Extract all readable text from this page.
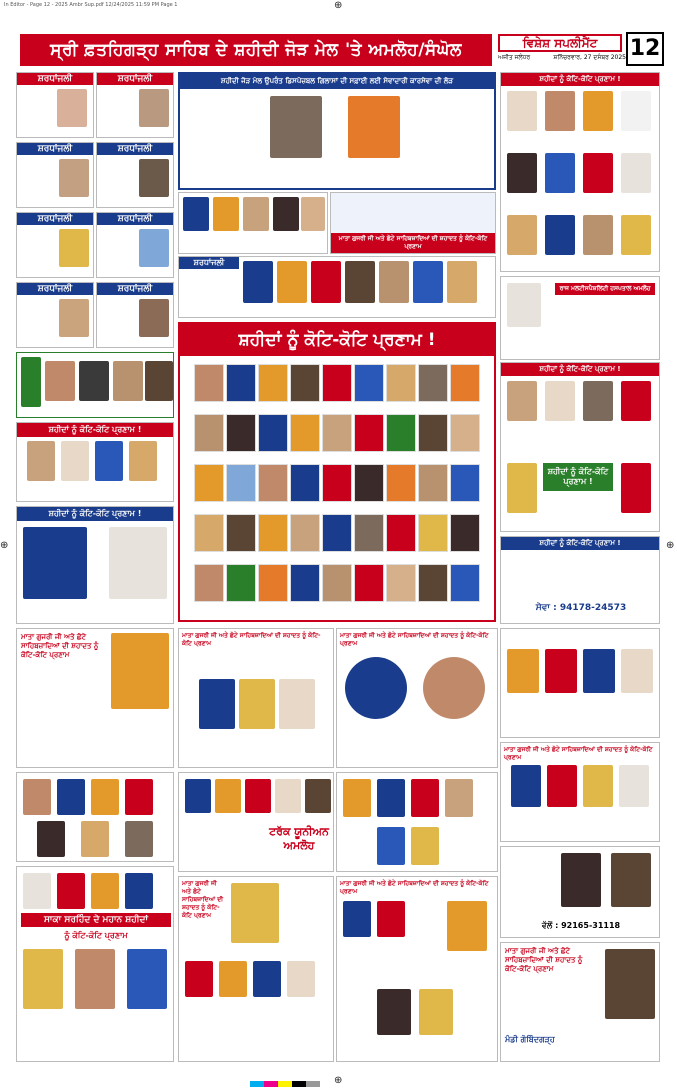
In Editor - Page 12 - 2025 Ambr Sup.pdf 12/24/2025 11:59 PM Page 1	⊕
⊕
⊕	⊕
ਸ੍ਰੀ ਫ਼ਤਹਿਗੜ੍ਹ ਸਾਹਿਬ ਦੇ ਸ਼ਹੀਦੀ ਜੋੜ ਮੇਲ 'ਤੇ ਅਮਲੋਹ/ਸੰਘੋਲ	ਵਿਸ਼ੇਸ਼ ਸਪਲੀਮੈਂਟ	12
ਅਜੀਤ ਜਲੰਧਰ	ਸ਼ਨਿੱਚਰਵਾਰ, 27 ਦਸੰਬਰ 2025
ਸ਼ਰਧਾਂਜਲੀ	ਸ਼ਰਧਾਂਜਲੀ
ਸ਼ਰਧਾਂਜਲੀ	ਸ਼ਰਧਾਂਜਲੀ
ਸ਼ਰਧਾਂਜਲੀ	ਸ਼ਰਧਾਂਜਲੀ
ਸ਼ਰਧਾਂਜਲੀ	ਸ਼ਰਧਾਂਜਲੀ
ਸ਼ਹੀਦਾਂ ਨੂੰ ਕੋਟਿ-ਕੋਟਿ ਪ੍ਰਣਾਮ !
ਸ਼ਹੀਦਾਂ ਨੂੰ ਕੋਟਿ-ਕੋਟਿ ਪ੍ਰਣਾਮ !
ਸ਼ਹੀਦੀ ਜੋੜ ਮੇਲ ਉਪਰੰਤ ਡਿਸਪੋਜ਼ਬਲ ਗਿਲਾਸਾਂ ਦੀ ਸਫ਼ਾਈ ਲਈ ਸੇਵਾਦਾਰੀ ਕਾਰਸੇਵਾ ਦੀ ਲੋੜ
ਮਾਤਾ ਗੁਜਰੀ ਜੀ ਅਤੇ ਛੋਟੇ ਸਾਹਿਬਜ਼ਾਦਿਆਂ ਦੀ ਸ਼ਹਾਦਤ ਨੂੰ ਕੋਟਿ-ਕੋਟਿ ਪ੍ਰਣਾਮ
ਸ਼ਰਧਾਂਜਲੀ
ਸ਼ਹੀਦਾਂ ਨੂੰ ਕੋਟਿ-ਕੋਟਿ ਪ੍ਰਣਾਮ !

ਸ਼ਹੀਦਾਂ ਨੂੰ ਕੋਟਿ-ਕੋਟਿ ਪ੍ਰਣਾਮ !
ਰਾਜ ਮਲਟੀਸਪੈਸ਼ਲਿਟੀ ਹਸਪਤਾਲ ਅਮਲੋਹ
ਸ਼ਹੀਦਾਂ ਨੂੰ ਕੋਟਿ-ਕੋਟਿ ਪ੍ਰਣਾਮ !
ਸ਼ਹੀਦਾਂ ਨੂੰ ਕੋਟਿ-ਕੋਟਿ ਪ੍ਰਣਾਮ !
ਸ਼ਹੀਦਾਂ ਨੂੰ ਕੋਟਿ-ਕੋਟਿ ਪ੍ਰਣਾਮ !
ਸੇਵਾ : 94178-24573
ਮਾਤਾ ਗੁਜਰੀ ਜੀ ਅਤੇ ਛੋਟੇ ਸਾਹਿਬਜ਼ਾਦਿਆਂ ਦੀ ਸ਼ਹਾਦਤ ਨੂੰ ਕੋਟਿ-ਕੋਟਿ ਪ੍ਰਣਾਮ
ਮਾਤਾ ਗੁਜਰੀ ਜੀ ਅਤੇ ਛੋਟੇ ਸਾਹਿਬਜ਼ਾਦਿਆਂ ਦੀ ਸ਼ਹਾਦਤ ਨੂੰ ਕੋਟਿ-ਕੋਟਿ ਪ੍ਰਣਾਮ
ਮਾਤਾ ਗੁਜਰੀ ਜੀ ਅਤੇ ਛੋਟੇ ਸਾਹਿਬਜ਼ਾਦਿਆਂ ਦੀ ਸ਼ਹਾਦਤ ਨੂੰ ਕੋਟਿ-ਕੋਟਿ ਪ੍ਰਣਾਮ
ਮਾਤਾ ਗੁਜਰੀ ਜੀ ਅਤੇ ਛੋਟੇ ਸਾਹਿਬਜ਼ਾਦਿਆਂ ਦੀ ਸ਼ਹਾਦਤ ਨੂੰ ਕੋਟਿ-ਕੋਟਿ ਪ੍ਰਣਾਮ
ਟਰੱਕ ਯੂਨੀਅਨ ਅਮਲੋਹ
ਵੱਲੋਂ : 92165-31118
ਸਾਕਾ ਸਰਹਿੰਦ ਦੇ ਮਹਾਨ ਸ਼ਹੀਦਾਂ
ਨੂੰ ਕੋਟਿ-ਕੋਟਿ ਪ੍ਰਣਾਮ
ਮਾਤਾ ਗੁਜਰੀ ਜੀ ਅਤੇ ਛੋਟੇ ਸਾਹਿਬਜ਼ਾਦਿਆਂ ਦੀ ਸ਼ਹਾਦਤ ਨੂੰ ਕੋਟਿ-ਕੋਟਿ ਪ੍ਰਣਾਮ
ਮਾਤਾ ਗੁਜਰੀ ਜੀ ਅਤੇ ਛੋਟੇ ਸਾਹਿਬਜ਼ਾਦਿਆਂ ਦੀ ਸ਼ਹਾਦਤ ਨੂੰ ਕੋਟਿ-ਕੋਟਿ ਪ੍ਰਣਾਮ
ਮਾਤਾ ਗੁਜਰੀ ਜੀ ਅਤੇ ਛੋਟੇ ਸਾਹਿਬਜ਼ਾਦਿਆਂ ਦੀ ਸ਼ਹਾਦਤ ਨੂੰ ਕੋਟਿ-ਕੋਟਿ ਪ੍ਰਣਾਮ
ਮੰਡੀ ਗੋਬਿੰਦਗੜ੍ਹ
